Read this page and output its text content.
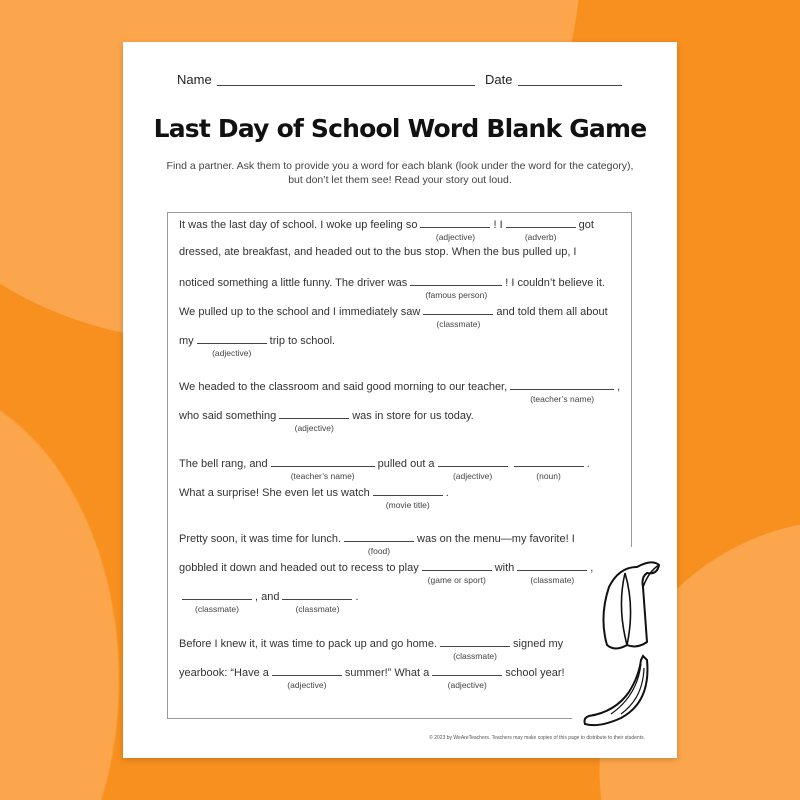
Name	Date
Last Day of School Word Blank Game
Find a partner. Ask them to provide you a word for each blank (look under the word for the category), but don’t let them see! Read your story out loud.
It was the last day of school. I woke up feeling so
(adjective)
! I
(adverb)
got
dressed, ate breakfast, and headed out to the bus stop. When the bus pulled up, I
noticed something a little funny. The driver was
(famous person)
! I couldn’t believe it.
We pulled up to the school and I immediately saw
(classmate)
and told them all about
my
(adjective)
trip to school.
We headed to the classroom and said good morning to our teacher,
(teacher’s name)
,
who said something
(adjective)
was in store for us today.
The bell rang, and
(teacher’s name)
pulled out a
(adjective)	(noun)
.
What a surprise! She even let us watch
(movie title)
.
Pretty soon, it was time for lunch.
(food)
was on the menu—my favorite! I
gobbled it down and headed out to recess to play
(game or sport)
with
(classmate)
,
(classmate)
, and
(classmate)
.
Before I knew it, it was time to pack up and go home.
(classmate)
signed my
yearbook: “Have a
(adjective)
summer!” What a
(adjective)
school year!
© 2023 by WeAreTeachers. Teachers may make copies of this page to distribute to their students.
